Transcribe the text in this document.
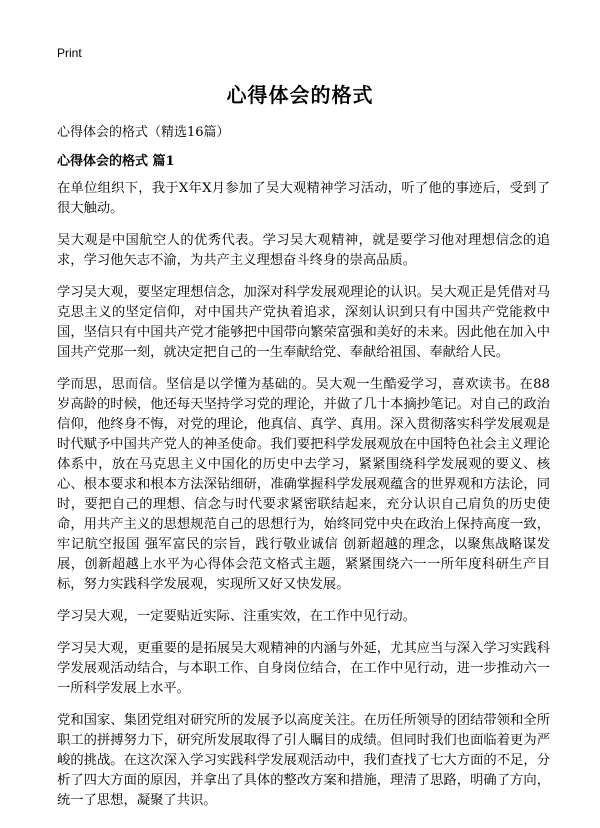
Print
心得体会的格式

心得体会的格式（精选16篇）

心得体会的格式 篇1

在单位组织下，我于X年X月参加了吴大观精神学习活动，听了他的事迹后，受到了很大触动。

吴大观是中国航空人的优秀代表。学习吴大观精神，就是要学习他对理想信念的追求，学习他矢志不渝，为共产主义理想奋斗终身的崇高品质。

学习吴大观，要坚定理想信念，加深对科学发展观理论的认识。吴大观正是凭借对马克思主义的坚定信仰，对中国共产党执着追求，深刻认识到只有中国共产党能救中国，坚信只有中国共产党才能够把中国带向繁荣富强和美好的未来。因此他在加入中国共产党那一刻，就决定把自己的一生奉献给党、奉献给祖国、奉献给人民。

学而思，思而信。坚信是以学懂为基础的。吴大观一生酷爱学习，喜欢读书。在88岁高龄的时候，他还每天坚持学习党的理论，并做了几十本摘抄笔记。对自己的政治信仰，他终身不悔，对党的理论，他真信、真学、真用。深入贯彻落实科学发展观是时代赋予中国共产党人的神圣使命。我们要把科学发展观放在中国特色社会主义理论体系中，放在马克思主义中国化的历史中去学习，紧紧围绕科学发展观的要义、核心、根本要求和根本方法深钻细研，准确掌握科学发展观蕴含的世界观和方法论，同时，要把自己的理想、信念与时代要求紧密联结起来，充分认识自己肩负的历史使命，用共产主义的思想规范自己的思想行为，始终同党中央在政治上保持高度一致，牢记航空报国 强军富民的宗旨，践行敬业诚信 创新超越的理念，以聚焦战略谋发展，创新超越上水平为心得体会范文格式主题，紧紧围绕六一一所年度科研生产目标，努力实践科学发展观，实现所又好又快发展。

学习吴大观，一定要贴近实际、注重实效，在工作中见行动。

学习吴大观，更重要的是拓展吴大观精神的内涵与外延，尤其应当与深入学习实践科学发展观活动结合，与本职工作、自身岗位结合，在工作中见行动，进一步推动六一一所科学发展上水平。

党和国家、集团党组对研究所的发展予以高度关注。在历任所领导的团结带领和全所职工的拼搏努力下，研究所发展取得了引人瞩目的成绩。但同时我们也面临着更为严峻的挑战。在这次深入学习实践科学发展观活动中，我们查找了七大方面的不足，分析了四大方面的原因，并拿出了具体的整改方案和措施，理清了思路，明确了方向，统一了思想，凝聚了共识。
